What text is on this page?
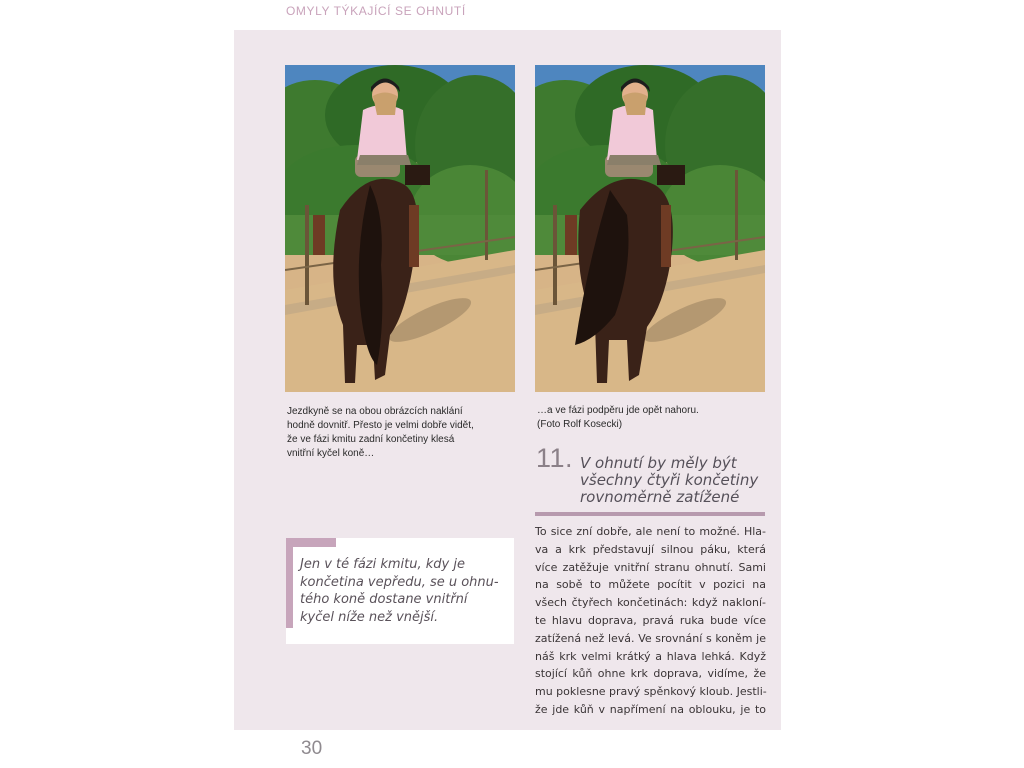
OMYLY TÝKAJÍCÍ SE OHNUTÍ

Jezdkyně se na obou obrázcích naklání

hodně dovnitř. Přesto je velmi dobře vidět,

že ve fázi kmitu zadní končetiny klesá

vnitřní kyčel koně…

…a ve fázi podpěru jde opět nahoru.

(Foto Rolf Kosecki)

11. V ohnutí by měly být
všechny čtyři končetiny
rovnoměrně zatížené
To sice zní dobře, ale není to možné. Hla-
va a krk představují silnou páku, která
více zatěžuje vnitřní stranu ohnutí. Sami
na sobě to můžete pocítit v pozici na
všech čtyřech končetinách: když nakloní-
te hlavu doprava, pravá ruka bude více
zatížená než levá. Ve srovnání s koněm je
náš krk velmi krátký a hlava lehká. Když
stojící kůň ohne krk doprava, vidíme, že
mu poklesne pravý spěnkový kloub. Jestli-
že jde kůň v napřímení na oblouku, je to
Jen v té fázi kmitu, kdy je
končetina vepředu, se u ohnu-
tého koně dostane vnitřní
kyčel níže než vnější.
30
